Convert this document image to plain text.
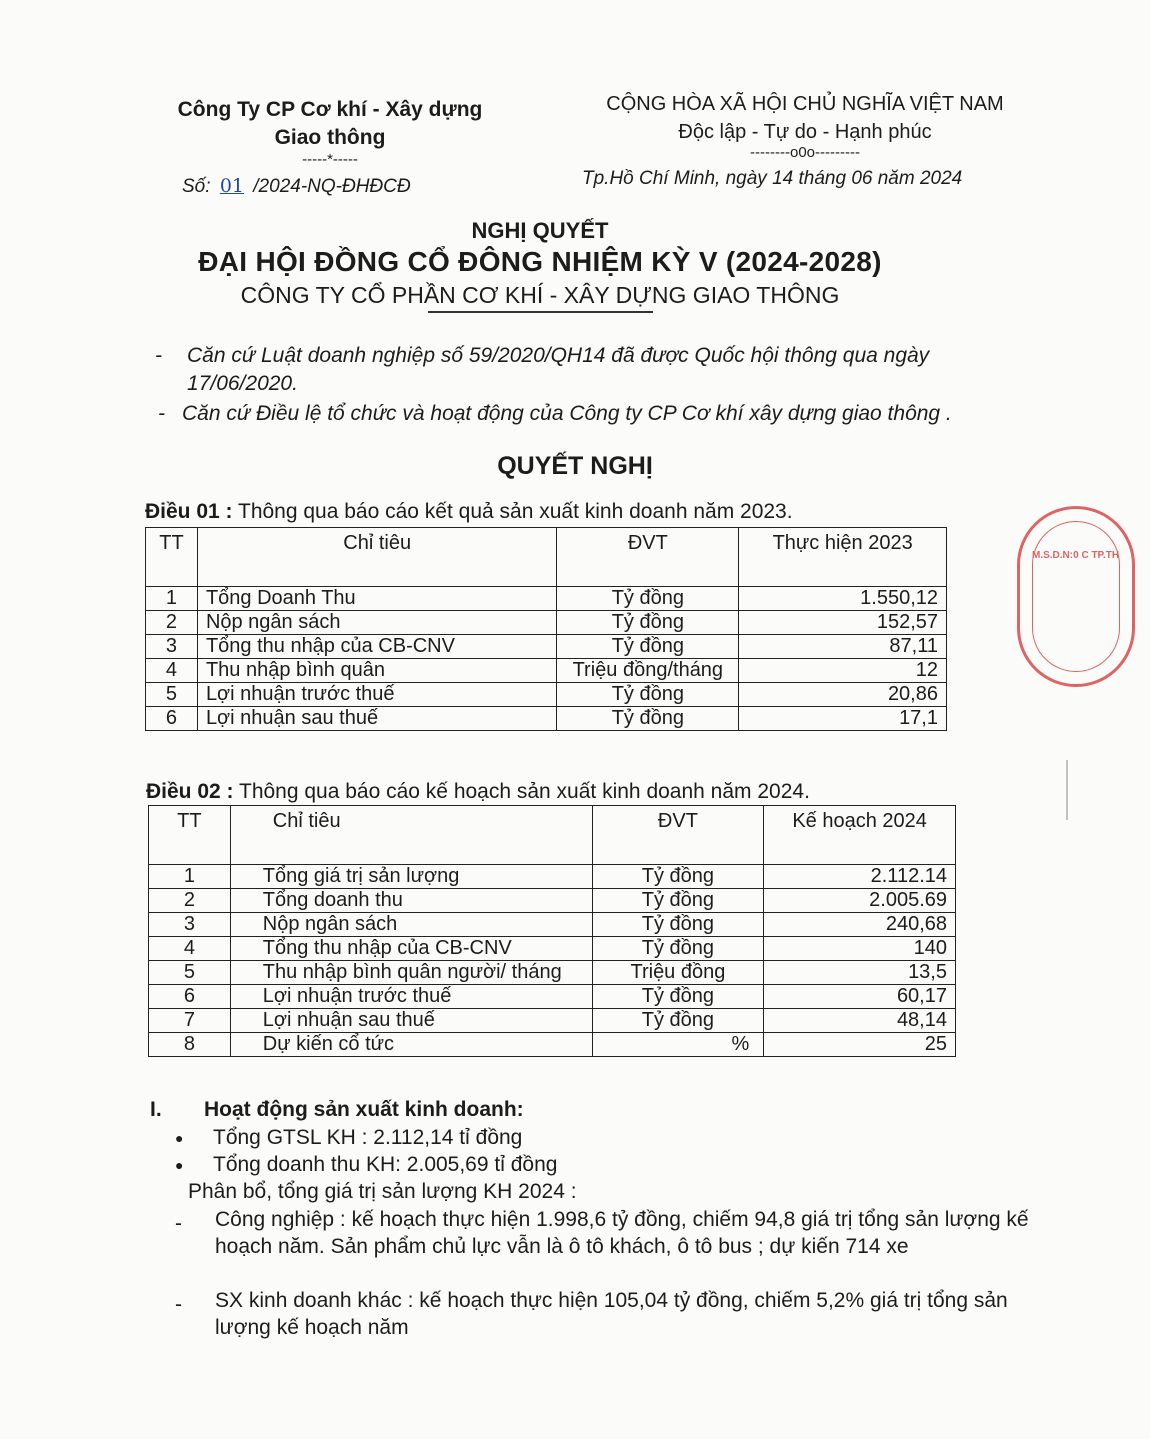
Công Ty CP Cơ khí - Xây dựng
Giao thông
-----*-----
CỘNG HÒA XÃ HỘI CHỦ NGHĨA VIỆT NAM
Độc lập - Tự do - Hạnh phúc
--------o0o---------
Số: 01 /2024-NQ-ĐHĐCĐ	Tp.Hồ Chí Minh, ngày 14 tháng 06 năm 2024
NGHỊ QUYẾT
ĐẠI HỘI ĐỒNG CỔ ĐÔNG NHIỆM KỲ V (2024-2028)
CÔNG TY CỔ PHẦN CƠ KHÍ - XÂY DỰNG GIAO THÔNG
- Căn cứ Luật doanh nghiệp số 59/2020/QH14 đã được Quốc hội thông qua ngày 17/06/2020.
- Căn cứ Điều lệ tổ chức và hoạt động của Công ty CP Cơ khí xây dựng giao thông .
QUYẾT NGHỊ
Điều 01 : Thông qua báo cáo kết quả sản xuất kinh doanh năm 2023.
TT	Chỉ tiêu	ĐVT	Thực hiện 2023
1	Tổng Doanh Thu	Tỷ đồng	1.550,12
2	Nộp ngân sách	Tỷ đồng	152,57
3	Tổng thu nhập của CB-CNV	Tỷ đồng	87,11
4	Thu nhập bình quân	Triệu đồng/tháng	12
5	Lợi nhuận trước thuế	Tỷ đồng	20,86
6	Lợi nhuận sau thuế	Tỷ đồng	17,1
Điều 02 : Thông qua báo cáo kế hoạch sản xuất kinh doanh năm 2024.
TT	Chỉ tiêu	ĐVT	Kế hoạch 2024
1	Tổng giá trị sản lượng	Tỷ đồng	2.112.14
2	Tổng doanh thu	Tỷ đồng	2.005.69
3	Nộp ngân sách	Tỷ đồng	240,68
4	Tổng thu nhập của CB-CNV	Tỷ đồng	140
5	Thu nhập bình quân người/ tháng	Triệu đồng	13,5
6	Lợi nhuận trước thuế	Tỷ đồng	60,17
7	Lợi nhuận sau thuế	Tỷ đồng	48,14
8	Dự kiến cổ tức	%	25
I. Hoạt động sản xuất kinh doanh:
● Tổng GTSL KH : 2.112,14 tỉ đồng
● Tổng doanh thu KH: 2.005,69 tỉ đồng
Phân bổ, tổng giá trị sản lượng KH 2024 :
- Công nghiệp : kế hoạch thực hiện 1.998,6 tỷ đồng, chiếm 94,8 giá trị tổng sản lượng kế hoạch năm. Sản phẩm chủ lực vẫn là ô tô khách, ô tô bus ; dự kiến 714 xe
- SX kinh doanh khác : kế hoạch thực hiện 105,04 tỷ đồng, chiếm 5,2% giá trị tổng sản lượng kế hoạch năm
M.S.D.N:0 C TP.TH
